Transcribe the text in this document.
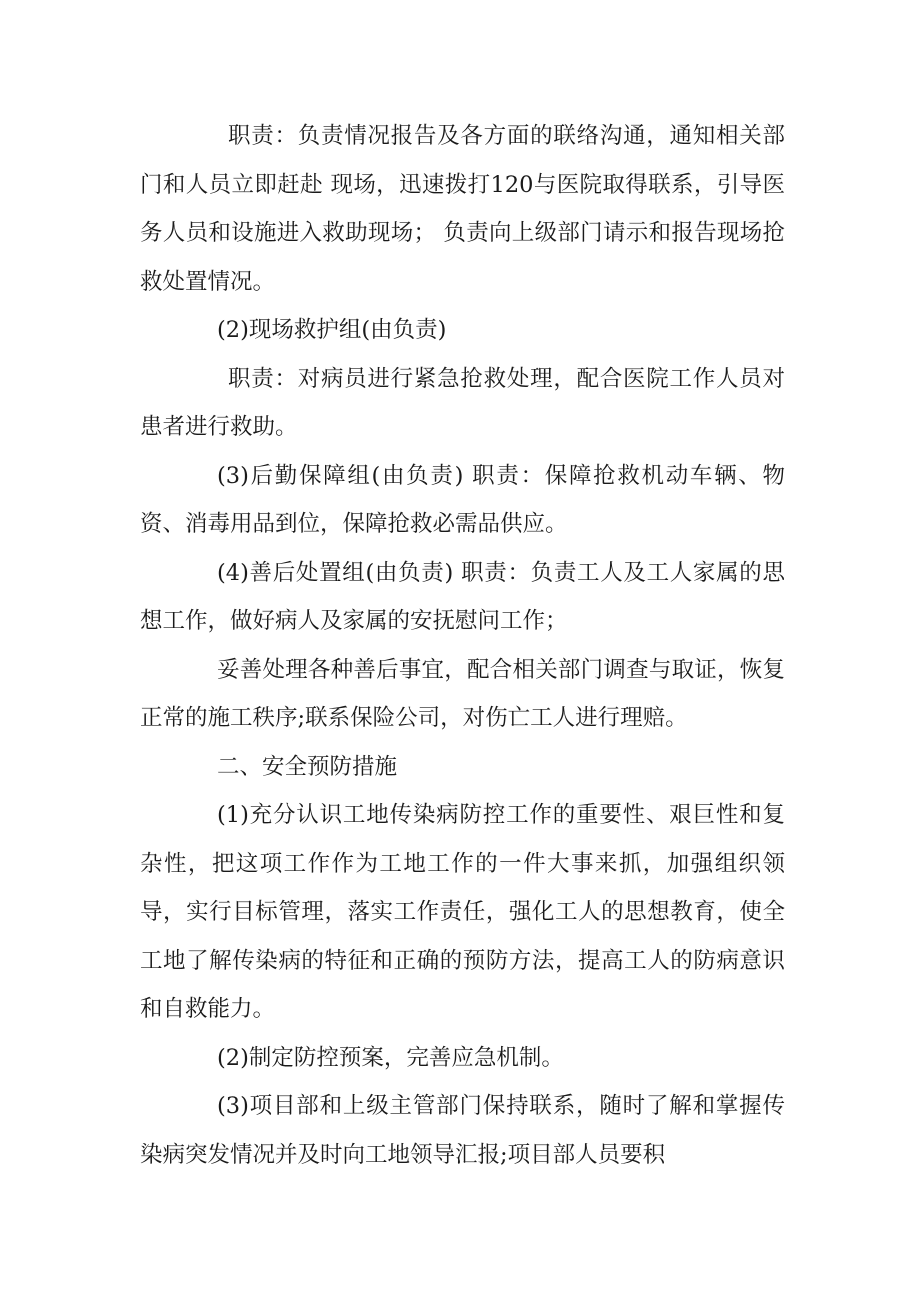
职责：负责情况报告及各方面的联络沟通，通知相关部门和人员立即赶赴 现场，迅速拨打120与医院取得联系，引导医务人员和设施进入救助现场； 负责向上级部门请示和报告现场抢救处置情况。

(2)现场救护组(由负责)

职责：对病员进行紧急抢救处理，配合医院工作人员对患者进行救助。

(3)后勤保障组(由负责) 职责：保障抢救机动车辆、物资、消毒用品到位，保障抢救必需品供应。

(4)善后处置组(由负责) 职责：负责工人及工人家属的思想工作，做好病人及家属的安抚慰问工作；

妥善处理各种善后事宜，配合相关部门调查与取证，恢复正常的施工秩序;联系保险公司，对伤亡工人进行理赔。

二、安全预防措施

(1)充分认识工地传染病防控工作的重要性、艰巨性和复杂性，把这项工作作为工地工作的一件大事来抓，加强组织领导，实行目标管理，落实工作责任，强化工人的思想教育，使全工地了解传染病的特征和正确的预防方法，提高工人的防病意识和自救能力。

(2)制定防控预案，完善应急机制。

(3)项目部和上级主管部门保持联系，随时了解和掌握传染病突发情况并及时向工地领导汇报;项目部人员要积
